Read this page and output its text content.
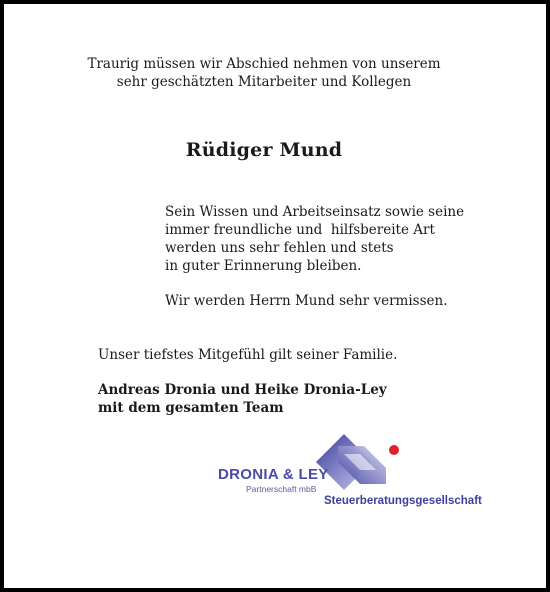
Traurig müssen wir Abschied nehmen von unserem
sehr geschätzten Mitarbeiter und Kollegen
Rüdiger Mund
Sein Wissen und Arbeitseinsatz sowie seine
immer freundliche und  hilfsbereite Art
werden uns sehr fehlen und stets
in guter Erinnerung bleiben.
Wir werden Herrn Mund sehr vermissen.
Unser tiefstes Mitgefühl gilt seiner Familie.
Andreas Dronia und Heike Dronia-Ley
mit dem gesamten Team
DRONIA & LEY
Partnerschaft mbB
Steuerberatungsgesellschaft
